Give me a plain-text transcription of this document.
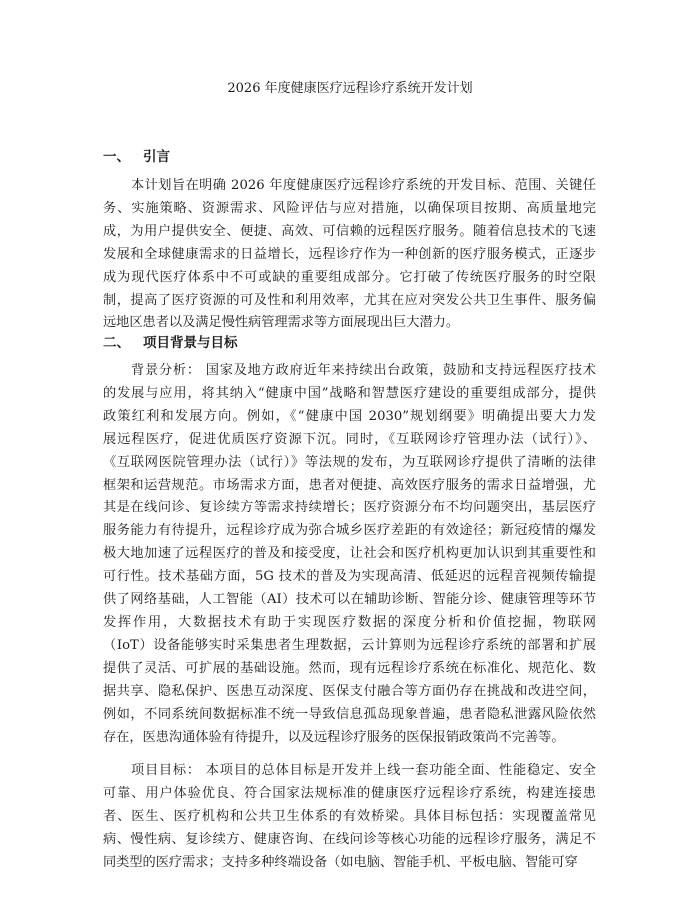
2026 年度健康医疗远程诊疗系统开发计划
一、 引言
本计划旨在明确 2026 年度健康医疗远程诊疗系统的开发目标、范围、关键任
务、实施策略、资源需求、风险评估与应对措施，以确保项目按期、高质量地完
成，为用户提供安全、便捷、高效、可信赖的远程医疗服务。随着信息技术的飞速
发展和全球健康需求的日益增长，远程诊疗作为一种创新的医疗服务模式，正逐步
成为现代医疗体系中不可或缺的重要组成部分。它打破了传统医疗服务的时空限
制，提高了医疗资源的可及性和利用效率，尤其在应对突发公共卫生事件、服务偏
远地区患者以及满足慢性病管理需求等方面展现出巨大潜力。
二、 项目背景与目标
背景分析： 国家及地方政府近年来持续出台政策，鼓励和支持远程医疗技术
的发展与应用，将其纳入“健康中国”战略和智慧医疗建设的重要组成部分，提供
政策红利和发展方向。例如，《“健康中国 2030”规划纲要》明确提出要大力发
展远程医疗，促进优质医疗资源下沉。同时，《互联网诊疗管理办法（试行）》、
《互联网医院管理办法（试行）》等法规的发布，为互联网诊疗提供了清晰的法律
框架和运营规范。市场需求方面，患者对便捷、高效医疗服务的需求日益增强，尤
其是在线问诊、复诊续方等需求持续增长；医疗资源分布不均问题突出，基层医疗
服务能力有待提升，远程诊疗成为弥合城乡医疗差距的有效途径；新冠疫情的爆发
极大地加速了远程医疗的普及和接受度，让社会和医疗机构更加认识到其重要性和
可行性。技术基础方面，5G 技术的普及为实现高清、低延迟的远程音视频传输提
供了网络基础，人工智能（AI）技术可以在辅助诊断、智能分诊、健康管理等环节
发挥作用，大数据技术有助于实现医疗数据的深度分析和价值挖掘，物联网
（IoT）设备能够实时采集患者生理数据，云计算则为远程诊疗系统的部署和扩展
提供了灵活、可扩展的基础设施。然而，现有远程诊疗系统在标准化、规范化、数
据共享、隐私保护、医患互动深度、医保支付融合等方面仍存在挑战和改进空间，
例如，不同系统间数据标准不统一导致信息孤岛现象普遍，患者隐私泄露风险依然
存在，医患沟通体验有待提升，以及远程诊疗服务的医保报销政策尚不完善等。
项目目标： 本项目的总体目标是开发并上线一套功能全面、性能稳定、安全
可靠、用户体验优良、符合国家法规标准的健康医疗远程诊疗系统，构建连接患
者、医生、医疗机构和公共卫生体系的有效桥梁。具体目标包括：实现覆盖常见
病、慢性病、复诊续方、健康咨询、在线问诊等核心功能的远程诊疗服务，满足不
同类型的医疗需求；支持多种终端设备（如电脑、智能手机、平板电脑、智能可穿
